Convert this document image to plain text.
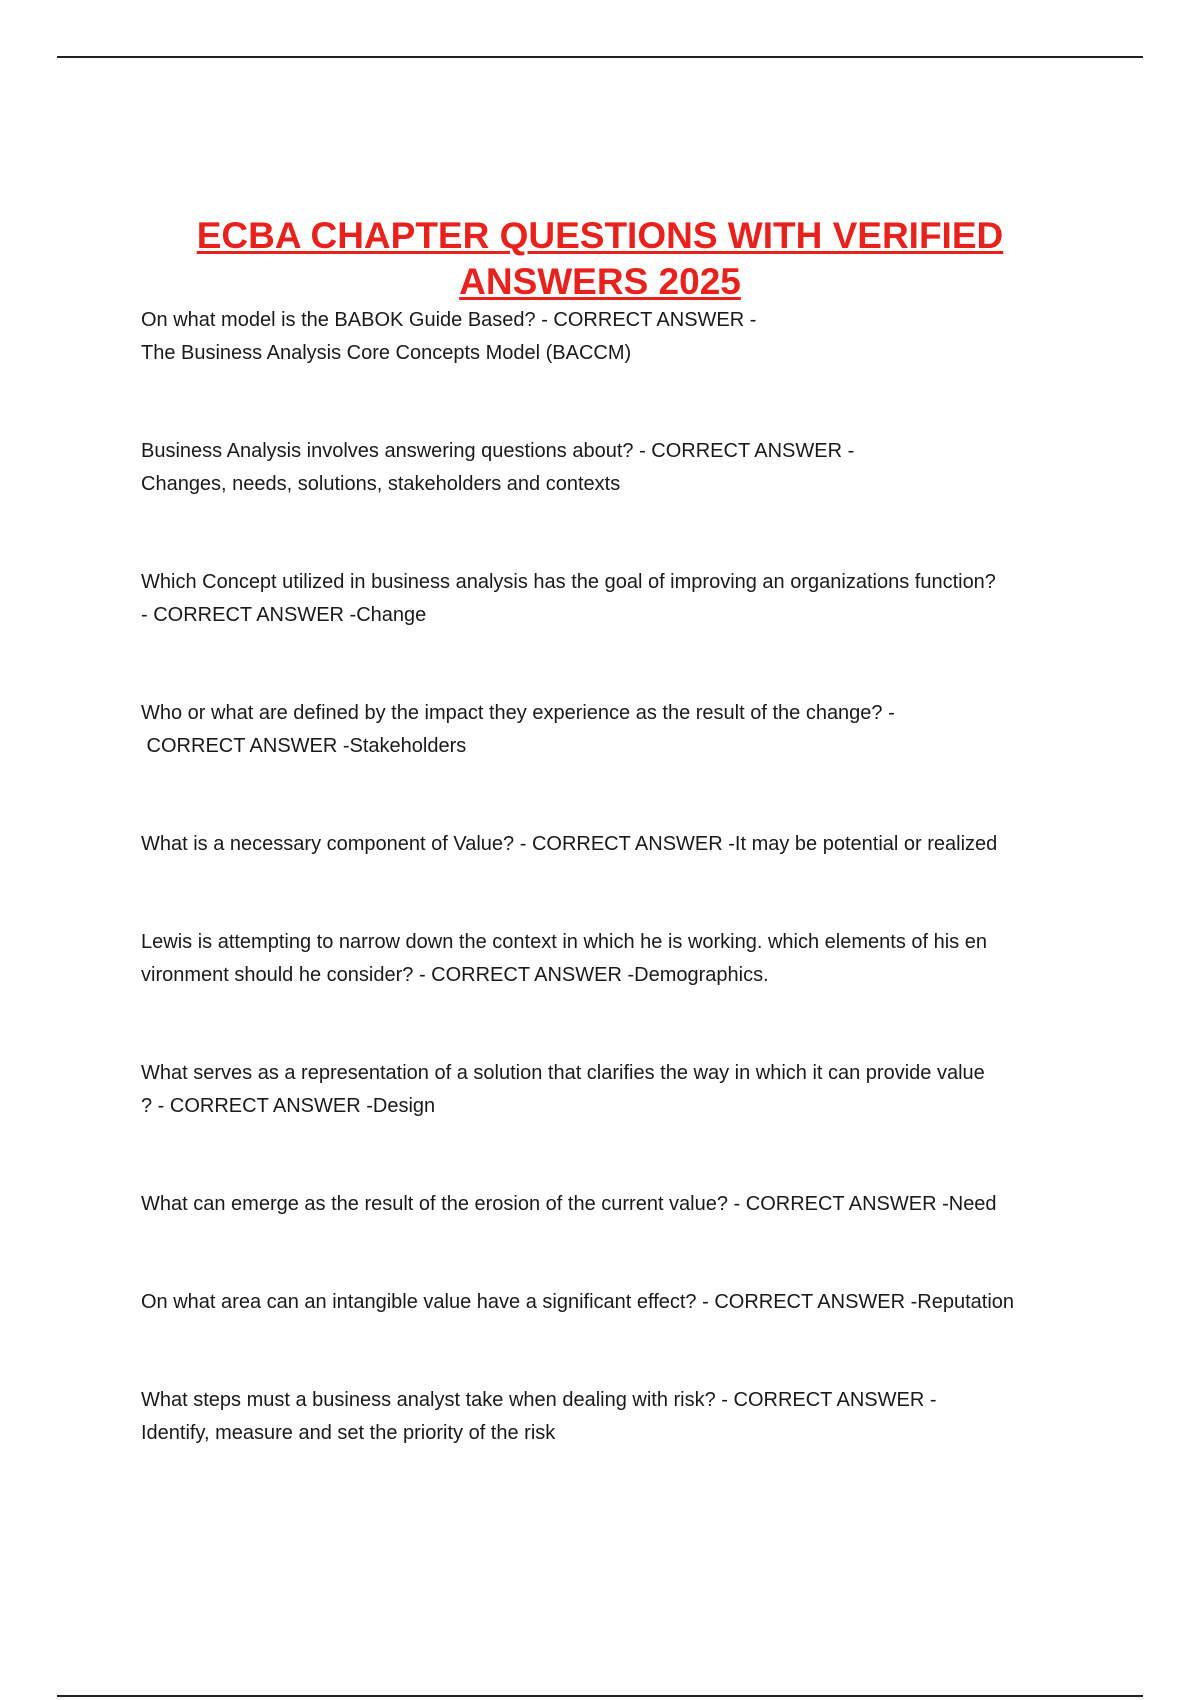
ECBA CHAPTER QUESTIONS WITH VERIFIED
ANSWERS 2025

On what model is the BABOK Guide Based? - CORRECT ANSWER -
The Business Analysis Core Concepts Model (BACCM)

Business Analysis involves answering questions about? - CORRECT ANSWER -
Changes, needs, solutions, stakeholders and contexts

Which Concept utilized in business analysis has the goal of improving an organizations function?
- CORRECT ANSWER -Change

Who or what are defined by the impact they experience as the result of the change? -
CORRECT ANSWER -Stakeholders

What is a necessary component of Value? - CORRECT ANSWER -It may be potential or realized

Lewis is attempting to narrow down the context in which he is working. which elements of his en
vironment should he consider? - CORRECT ANSWER -Demographics.

What serves as a representation of a solution that clarifies the way in which it can provide value
? - CORRECT ANSWER -Design

What can emerge as the result of the erosion of the current value? - CORRECT ANSWER -Need

On what area can an intangible value have a significant effect? - CORRECT ANSWER -Reputation

What steps must a business analyst take when dealing with risk? - CORRECT ANSWER -
Identify, measure and set the priority of the risk
